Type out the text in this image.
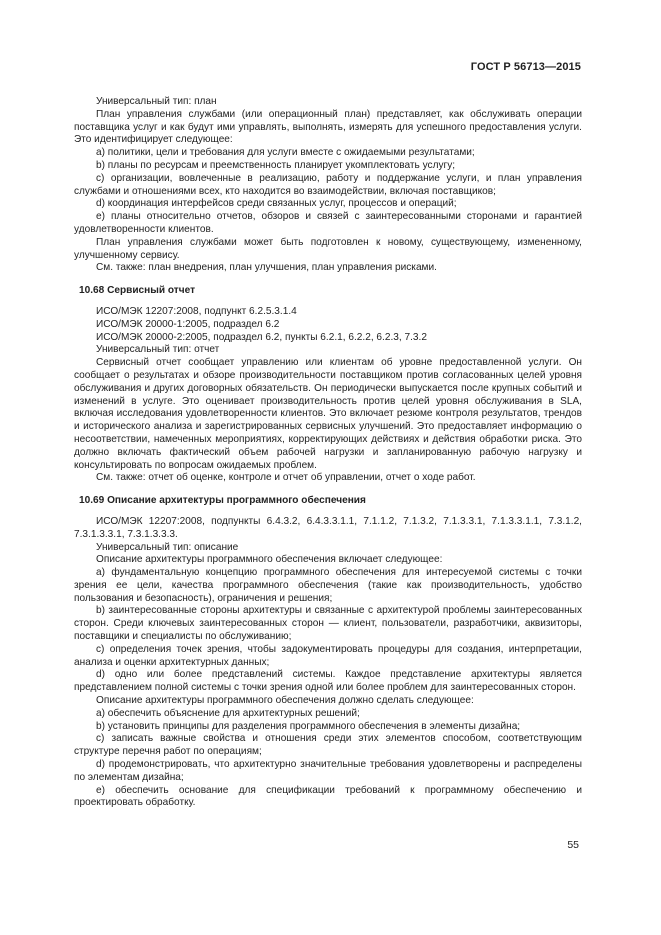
ГОСТ Р 56713—2015

Универсальный тип: план

План управления службами (или операционный план) представляет, как обслуживать операции поставщика услуг и как будут ими управлять, выполнять, измерять для успешного предоставления услуги. Это идентифицирует следующее:

a) политики, цели и требования для услуги вместе с ожидаемыми результатами;

b) планы по ресурсам и преемственность планирует укомплектовать услугу;

c) организации, вовлеченные в реализацию, работу и поддержание услуги, и план управления службами и отношениями всех, кто находится во взаимодействии, включая поставщиков;

d) координация интерфейсов среди связанных услуг, процессов и операций;

e) планы относительно отчетов, обзоров и связей с заинтересованными сторонами и гарантией удовлетворенности клиентов.

План управления службами может быть подготовлен к новому, существующему, измененному, улучшенному сервису.

См. также: план внедрения, план улучшения, план управления рисками.

10.68 Сервисный отчет

ИСО/МЭК 12207:2008, подпункт 6.2.5.3.1.4

ИСО/МЭК 20000-1:2005, подраздел 6.2

ИСО/МЭК 20000-2:2005, подраздел 6.2, пункты 6.2.1, 6.2.2, 6.2.3, 7.3.2

Универсальный тип: отчет

Сервисный отчет сообщает управлению или клиентам об уровне предоставленной услуги. Он сообщает о результатах и обзоре производительности поставщиком против согласованных целей уровня обслуживания и других договорных обязательств. Он периодически выпускается после крупных событий и изменений в услуге. Это оценивает производительность против целей уровня обслуживания в SLA, включая исследования удовлетворенности клиентов. Это включает резюме контроля результатов, трендов и исторического анализа и зарегистрированных сервисных улучшений. Это предоставляет информацию о несоответствии, намеченных мероприятиях, корректирующих действиях и действия обработки риска. Это должно включать фактический объем рабочей нагрузки и запланированную рабочую нагрузку и консультировать по вопросам ожидаемых проблем.

См. также: отчет об оценке, контроле и отчет об управлении, отчет о ходе работ.

10.69 Описание архитектуры программного обеспечения

ИСО/МЭК 12207:2008, подпункты 6.4.3.2, 6.4.3.3.1.1, 7.1.1.2, 7.1.3.2, 7.1.3.3.1, 7.1.3.3.1.1, 7.3.1.2, 7.3.1.3.3.1, 7.3.1.3.3.3.

Универсальный тип: описание

Описание архитектуры программного обеспечения включает следующее:

a) фундаментальную концепцию программного обеспечения для интересуемой системы с точки зрения ее цели, качества программного обеспечения (такие как производительность, удобство пользования и безопасность), ограничения и решения;

b) заинтересованные стороны архитектуры и связанные с архитектурой проблемы заинтересованных сторон. Среди ключевых заинтересованных сторон — клиент, пользователи, разработчики, аквизиторы, поставщики и специалисты по обслуживанию;

c) определения точек зрения, чтобы задокументировать процедуры для создания, интерпретации, анализа и оценки архитектурных данных;

d) одно или более представлений системы. Каждое представление архитектуры является представлением полной системы с точки зрения одной или более проблем для заинтересованных сторон.

Описание архитектуры программного обеспечения должно сделать следующее:

a) обеспечить объяснение для архитектурных решений;

b) установить принципы для разделения программного обеспечения в элементы дизайна;

c) записать важные свойства и отношения среди этих элементов способом, соответствующим структуре перечня работ по операциям;

d) продемонстрировать, что архитектурно значительные требования удовлетворены и распределены по элементам дизайна;

e) обеспечить основание для спецификации требований к программному обеспечению и проектировать обработку.

55
